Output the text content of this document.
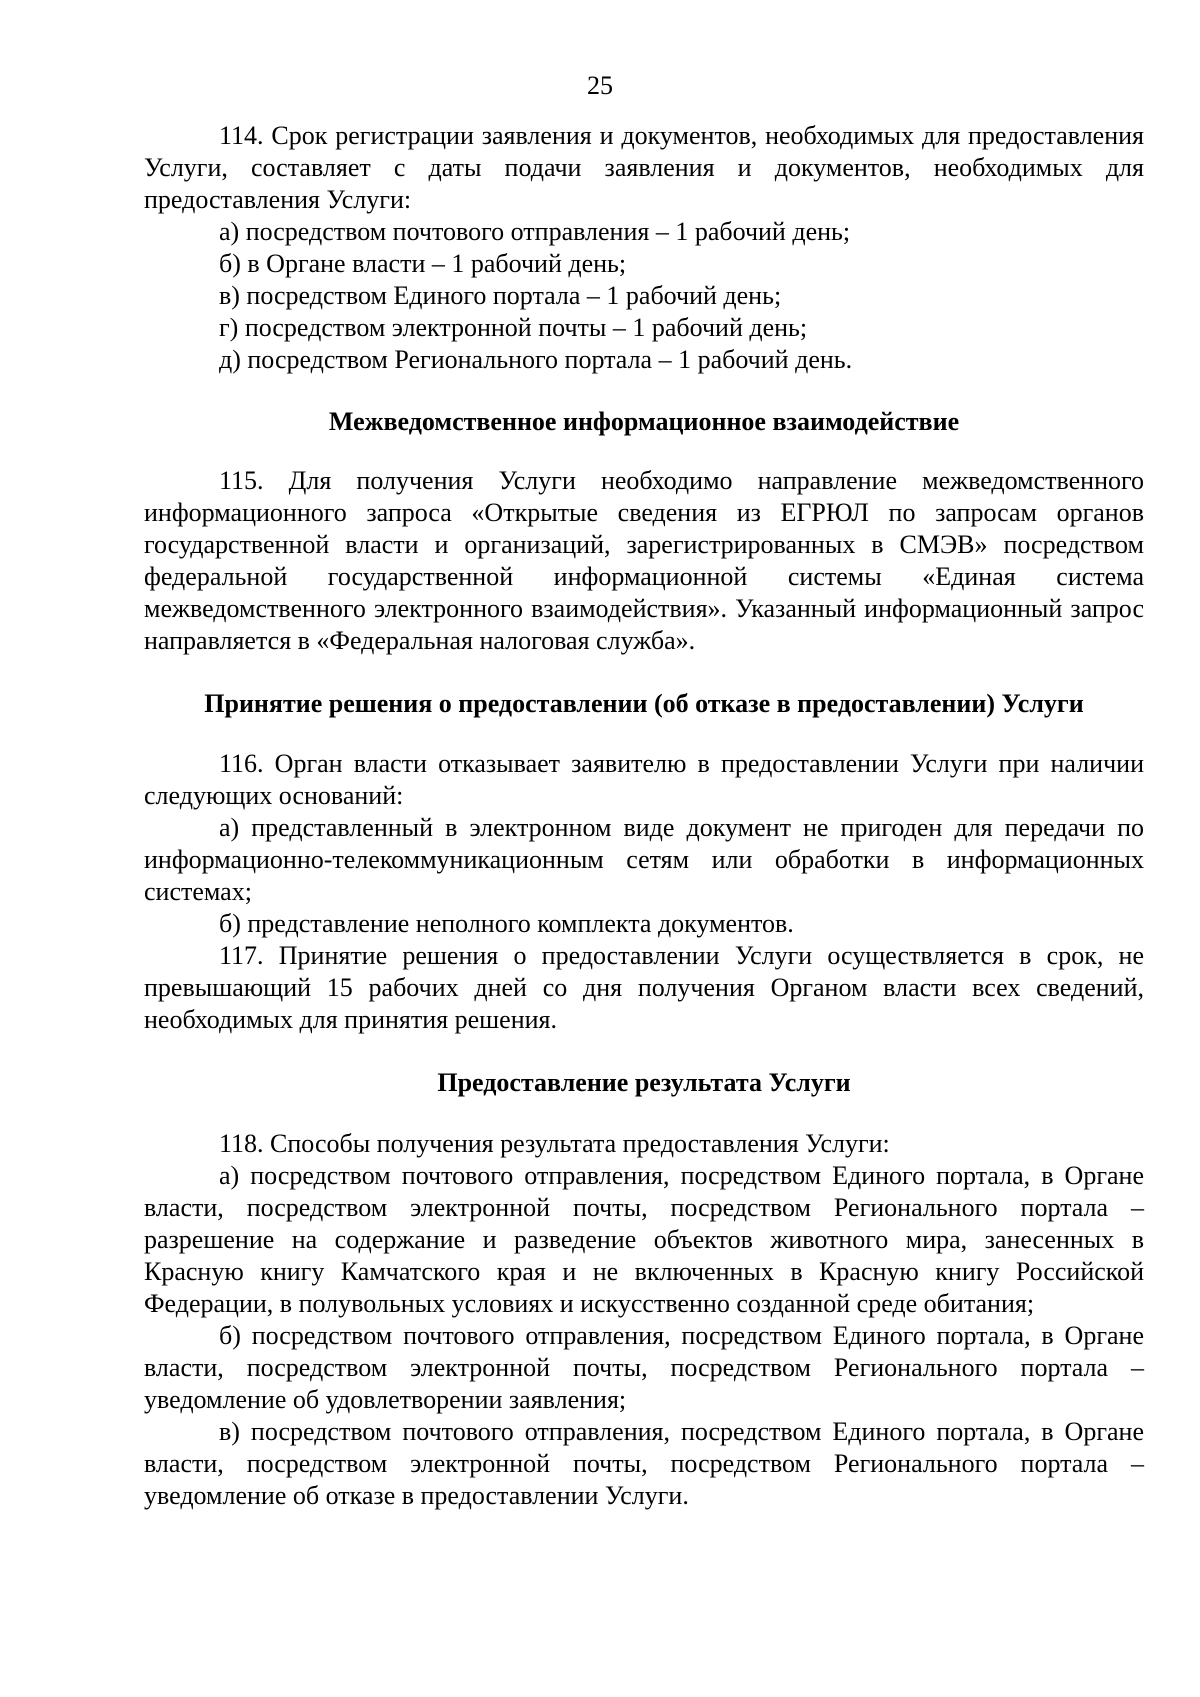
25

114. Срок регистрации заявления и документов, необходимых для предоставления Услуги, составляет с даты подачи заявления и документов, необходимых для предоставления Услуги:

а) посредством почтового отправления – 1 рабочий день;

б) в Органе власти – 1 рабочий день;

в) посредством Единого портала – 1 рабочий день;

г) посредством электронной почты – 1 рабочий день;

д) посредством Регионального портала – 1 рабочий день.

Межведомственное информационное взаимодействие

115. Для получения Услуги необходимо направление межведомственного информационного запроса «Открытые сведения из ЕГРЮЛ по запросам органов государственной власти и организаций, зарегистрированных в СМЭВ» посредством федеральной государственной информационной системы «Единая система межведомственного электронного взаимодействия». Указанный информационный запрос направляется в «Федеральная налоговая служба».

Принятие решения о предоставлении (об отказе в предоставлении) Услуги

116. Орган власти отказывает заявителю в предоставлении Услуги при наличии следующих оснований:

а) представленный в электронном виде документ не пригоден для передачи по информационно-телекоммуникационным сетям или обработки в информационных системах;

б) представление неполного комплекта документов.

117. Принятие решения о предоставлении Услуги осуществляется в срок, не превышающий 15 рабочих дней со дня получения Органом власти всех сведений, необходимых для принятия решения.

Предоставление результата Услуги

118. Способы получения результата предоставления Услуги:

а) посредством почтового отправления, посредством Единого портала, в Органе власти, посредством электронной почты, посредством Регионального портала – разрешение на содержание и разведение объектов животного мира, занесенных в Красную книгу Камчатского края и не включенных в Красную книгу Российской Федерации, в полувольных условиях и искусственно созданной среде обитания;

б) посредством почтового отправления, посредством Единого портала, в Органе власти, посредством электронной почты, посредством Регионального портала – уведомление об удовлетворении заявления;

в) посредством почтового отправления, посредством Единого портала, в Органе власти, посредством электронной почты, посредством Регионального портала – уведомление об отказе в предоставлении Услуги.
